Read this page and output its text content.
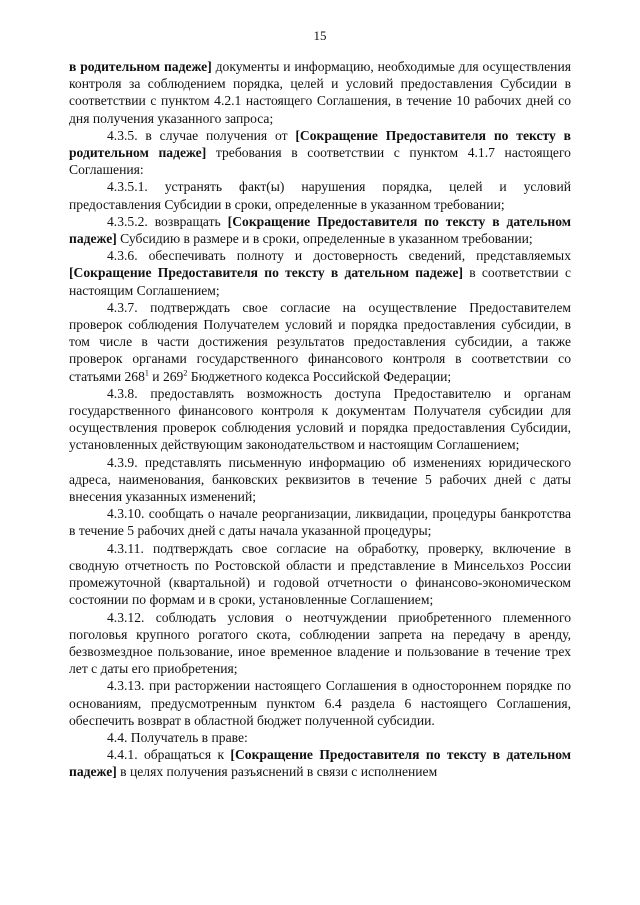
15

в родительном падеже] документы и информацию, необходимые для осуществления контроля за соблюдением порядка, целей и условий предоставления Субсидии в соответствии с пунктом 4.2.1 настоящего Соглашения, в течение 10 рабочих дней со дня получения указанного запроса;

4.3.5. в случае получения от [Сокращение Предоставителя по тексту в родительном падеже] требования в соответствии с пунктом 4.1.7 настоящего Соглашения:

4.3.5.1. устранять факт(ы) нарушения порядка, целей и условий предоставления Субсидии в сроки, определенные в указанном требовании;

4.3.5.2. возвращать [Сокращение Предоставителя по тексту в дательном падеже] Субсидию в размере и в сроки, определенные в указанном требовании;

4.3.6. обеспечивать полноту и достоверность сведений, представляемых [Сокращение Предоставителя по тексту в дательном падеже] в соответствии с настоящим Соглашением;

4.3.7. подтверждать свое согласие на осуществление Предоставителем проверок соблюдения Получателем условий и порядка предоставления субсидии, в том числе в части достижения результатов предоставления субсидии, а также проверок органами государственного финансового контроля в соответствии со статьями $268^1$ и $269^2$ Бюджетного кодекса Российской Федерации;

4.3.8. предоставлять возможность доступа Предоставителю и органам государственного финансового контроля к документам Получателя субсидии для осуществления проверок соблюдения условий и порядка предоставления Субсидии, установленных действующим законодательством и настоящим Соглашением;

4.3.9. представлять письменную информацию об изменениях юридического адреса, наименования, банковских реквизитов в течение 5 рабочих дней с даты внесения указанных изменений;

4.3.10. сообщать о начале реорганизации, ликвидации, процедуры банкротства в течение 5 рабочих дней с даты начала указанной процедуры;

4.3.11. подтверждать свое согласие на обработку, проверку, включение в сводную отчетность по Ростовской области и представление в Минсельхоз России промежуточной (квартальной) и годовой отчетности о финансово-экономическом состоянии по формам и в сроки, установленные Соглашением;

4.3.12. соблюдать условия о неотчуждении приобретенного племенного поголовья крупного рогатого скота, соблюдении запрета на передачу в аренду, безвозмездное пользование, иное временное владение и пользование в течение трех лет с даты его приобретения;

4.3.13. при расторжении настоящего Соглашения в одностороннем порядке по основаниям, предусмотренным пунктом 6.4 раздела 6 настоящего Соглашения, обеспечить возврат в областной бюджет полученной субсидии.

4.4. Получатель в праве:

4.4.1. обращаться к [Сокращение Предоставителя по тексту в дательном падеже] в целях получения разъяснений в связи с исполнением
